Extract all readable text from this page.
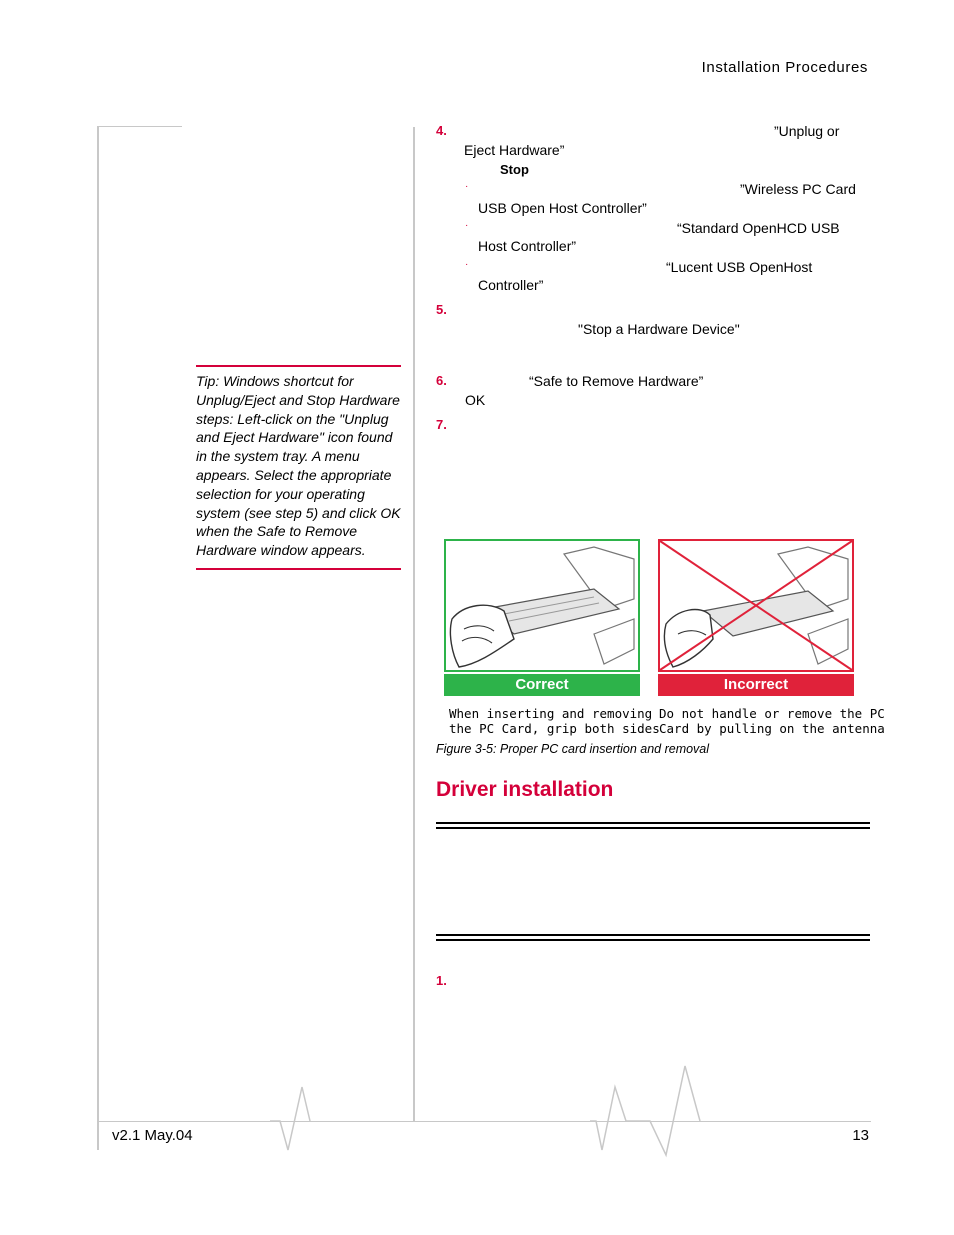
Installation Procedures
4.	”Unplug or
Eject Hardware”
Stop
·	”Wireless PC Card
USB Open Host Controller”
·	“Standard OpenHCD USB
Host Controller”
·	“Lucent USB OpenHost
Controller”
5.
"Stop a Hardware Device"
6.	“Safe to Remove Hardware”
OK
7.
Tip: Windows shortcut for Unplug/Eject and Stop Hardware steps: Left-click on the "Unplug and Eject Hardware" icon found in the system tray. A menu appears. Select the appropriate selection for your operating system (see step 5) and click OK when the Safe to Remove Hardware window appears.
Correct	Incorrect
When inserting and removing
the PC Card, grip both sides
Do not handle or remove the PC
Card by pulling on the antenna
Figure 3-5: Proper PC card insertion and removal
Driver installation
1.
v2.1 May.04	13
